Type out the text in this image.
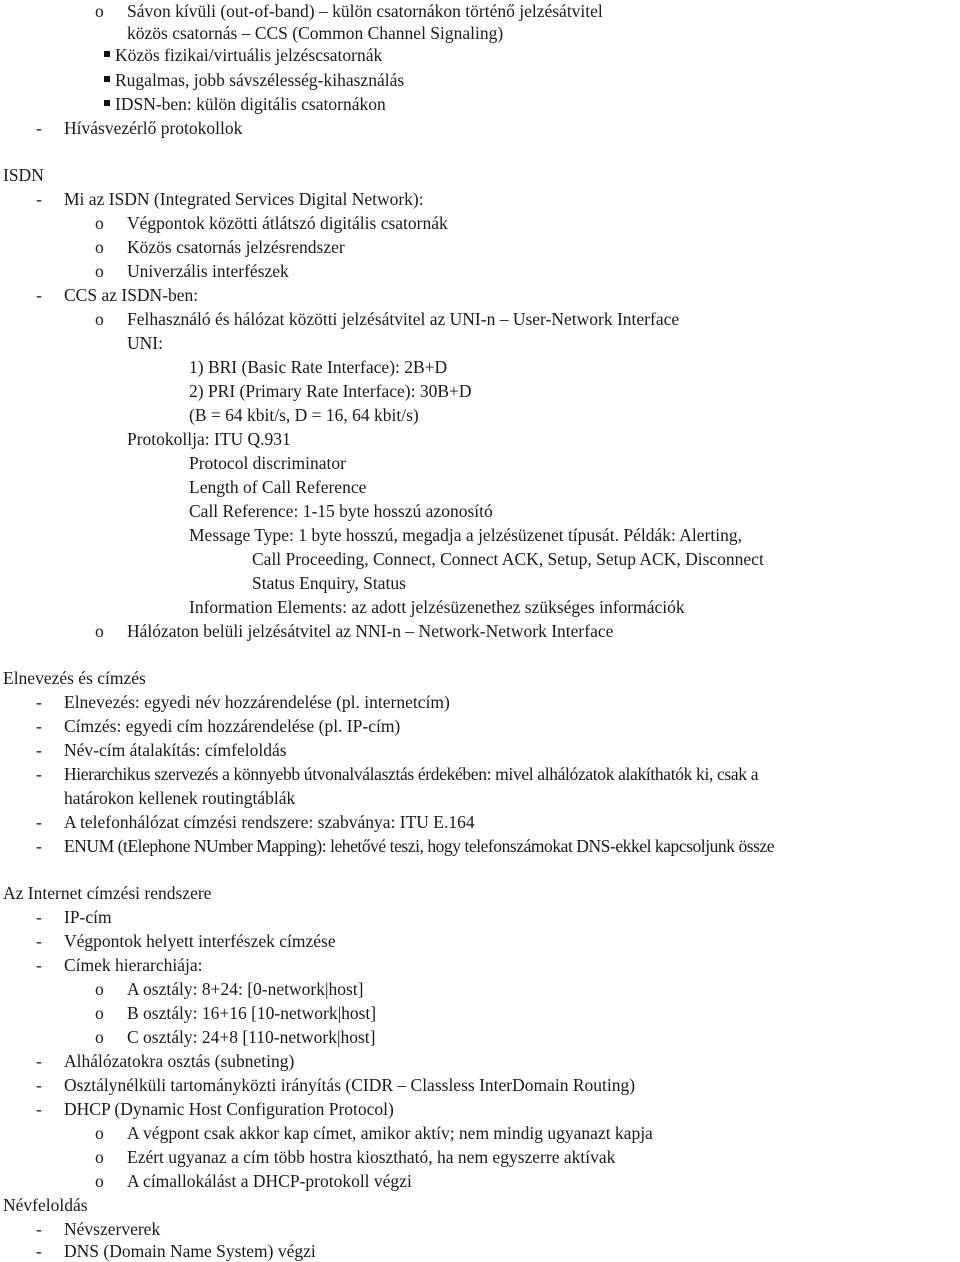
o Sávon kívüli (out-of-band) – külön csatornákon történő jelzésátvitel
közös csatornás – CCS (Common Channel Signaling)
Közös fizikai/virtuális jelzéscsatornák
Rugalmas, jobb sávszélesség-kihasználás
IDSN-ben: külön digitális csatornákon
- Hívásvezérlő protokollok
ISDN
- Mi az ISDN (Integrated Services Digital Network):
o Végpontok közötti átlátszó digitális csatornák
o Közös csatornás jelzésrendszer
o Univerzális interfészek
- CCS az ISDN-ben:
o Felhasználó és hálózat közötti jelzésátvitel az UNI-n – User-Network Interface
UNI:
1) BRI (Basic Rate Interface): 2B+D
2) PRI (Primary Rate Interface): 30B+D
(B = 64 kbit/s, D = 16, 64 kbit/s)
Protokollja: ITU Q.931
Protocol discriminator
Length of Call Reference
Call Reference: 1-15 byte hosszú azonosító
Message Type: 1 byte hosszú, megadja a jelzésüzenet típusát. Példák: Alerting,
Call Proceeding, Connect, Connect ACK, Setup, Setup ACK, Disconnect
Status Enquiry, Status
Information Elements: az adott jelzésüzenethez szükséges információk
o Hálózaton belüli jelzésátvitel az NNI-n – Network-Network Interface
Elnevezés és címzés
- Elnevezés: egyedi név hozzárendelése (pl. internetcím)
- Címzés: egyedi cím hozzárendelése (pl. IP-cím)
- Név-cím átalakítás: címfeloldás
- Hierarchikus szervezés a könnyebb útvonalválasztás érdekében: mivel alhálózatok alakíthatók ki, csak a
határokon kellenek routingtáblák
- A telefonhálózat címzési rendszere: szabványa: ITU E.164
- ENUM (tElephone NUmber Mapping): lehetővé teszi, hogy telefonszámokat DNS-ekkel kapcsoljunk össze
Az Internet címzési rendszere
- IP-cím
- Végpontok helyett interfészek címzése
- Címek hierarchiája:
o A osztály: 8+24: [0-network|host]
o B osztály: 16+16 [10-network|host]
o C osztály: 24+8 [110-network|host]
- Alhálózatokra osztás (subneting)
- Osztálynélküli tartományközti irányítás (CIDR – Classless InterDomain Routing)
- DHCP (Dynamic Host Configuration Protocol)
o A végpont csak akkor kap címet, amikor aktív; nem mindig ugyanazt kapja
o Ezért ugyanaz a cím több hostra kiosztható, ha nem egyszerre aktívak
o A címallokálást a DHCP-protokoll végzi
Névfeloldás
- Névszerverek
- DNS (Domain Name System) végzi
